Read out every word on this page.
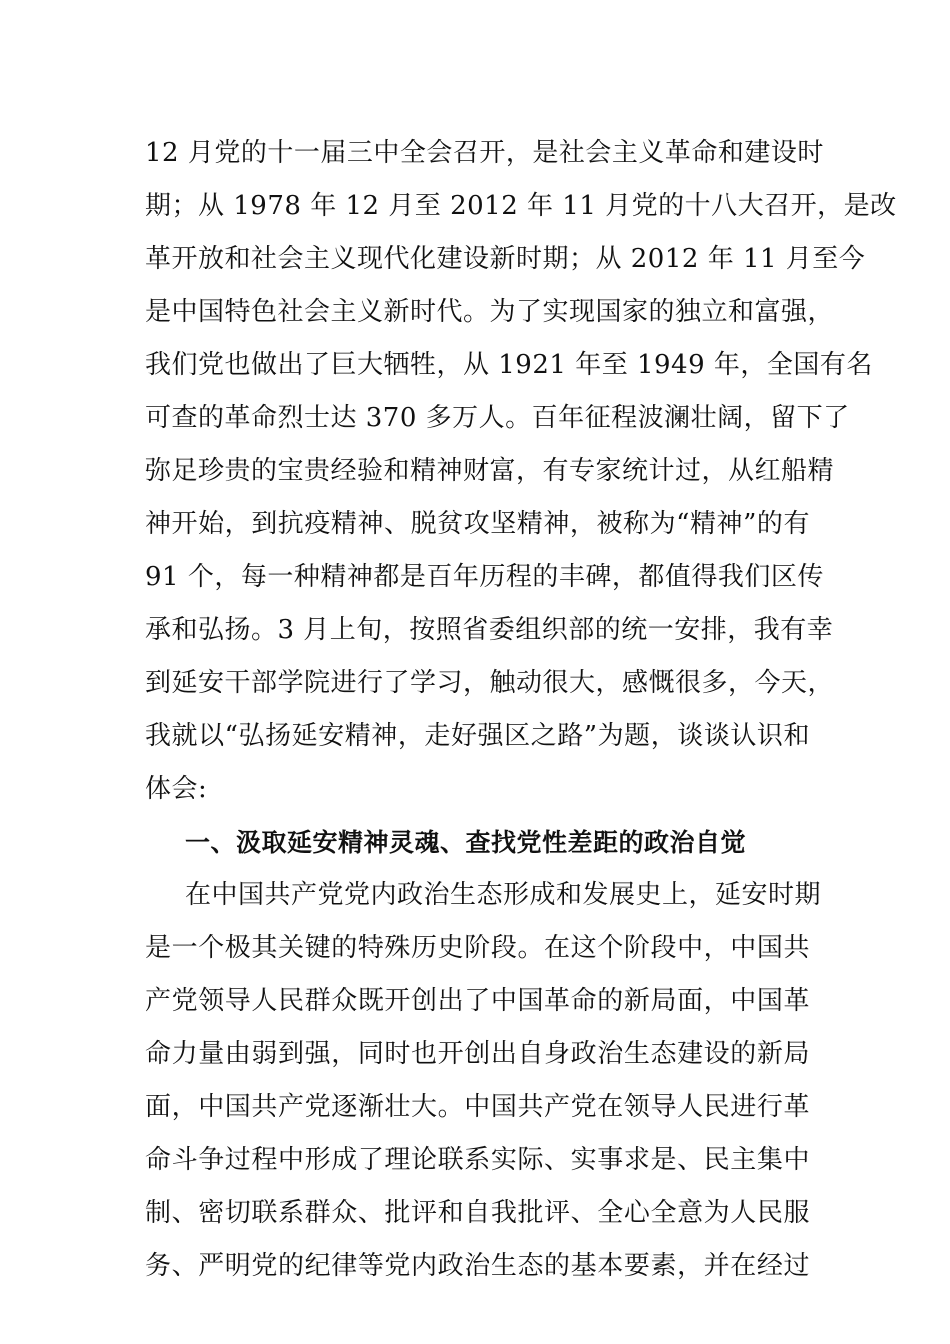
12 月党的十一届三中全会召开，是社会主义革命和建设时
期；从 1978 年 12 月至 2012 年 11 月党的十八大召开，是改
革开放和社会主义现代化建设新时期；从 2012 年 11 月至今
是中国特色社会主义新时代。为了实现国家的独立和富强，
我们党也做出了巨大牺牲，从 1921 年至 1949 年，全国有名
可查的革命烈士达 370 多万人。百年征程波澜壮阔，留下了
弥足珍贵的宝贵经验和精神财富，有专家统计过，从红船精
神开始，到抗疫精神、脱贫攻坚精神，被称为“精神”的有
91 个，每一种精神都是百年历程的丰碑，都值得我们区传
承和弘扬。3 月上旬，按照省委组织部的统一安排，我有幸
到延安干部学院进行了学习，触动很大，感慨很多，今天，
我就以“弘扬延安精神，走好强区之路”为题，谈谈认识和
体会:
一、汲取延安精神灵魂、查找党性差距的政治自觉
在中国共产党党内政治生态形成和发展史上，延安时期
是一个极其关键的特殊历史阶段。在这个阶段中，中国共
产党领导人民群众既开创出了中国革命的新局面，中国革
命力量由弱到强，同时也开创出自身政治生态建设的新局
面，中国共产党逐渐壮大。中国共产党在领导人民进行革
命斗争过程中形成了理论联系实际、实事求是、民主集中
制、密切联系群众、批评和自我批评、全心全意为人民服
务、严明党的纪律等党内政治生态的基本要素，并在经过
